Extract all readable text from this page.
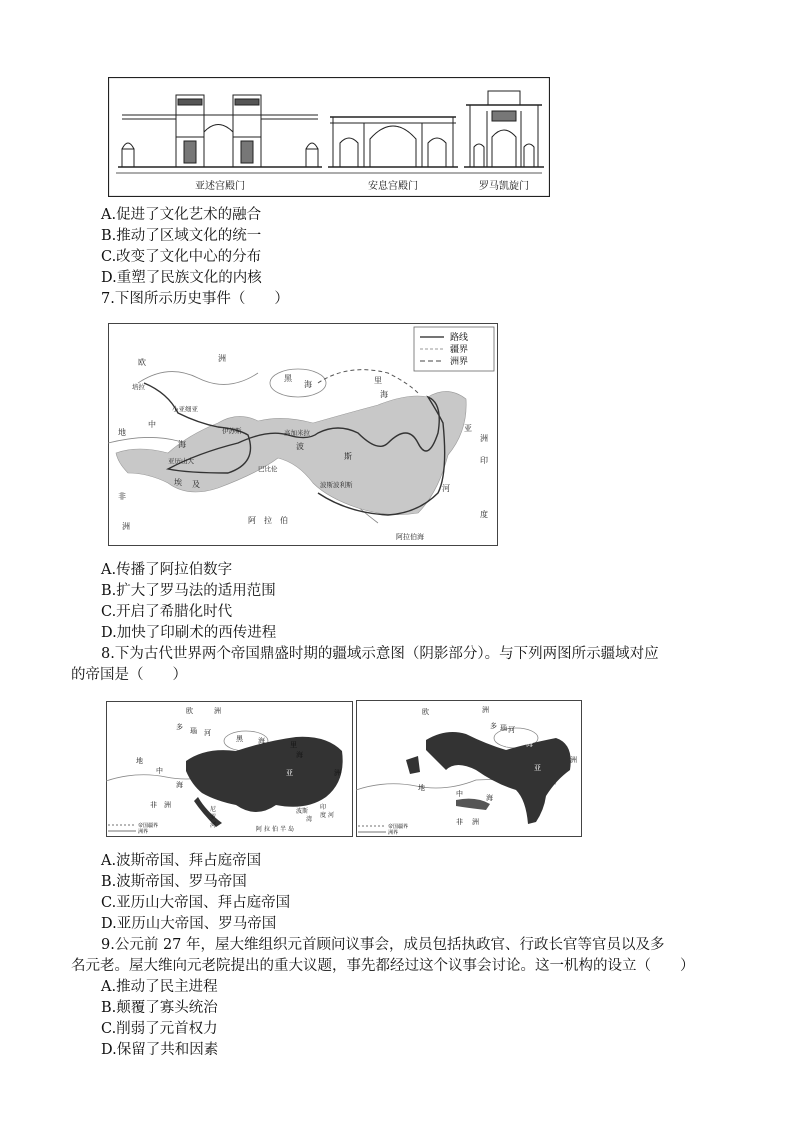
亚述宫殿门	安息宫殿门	罗马凯旋门
A.促进了文化艺术的融合
B.推动了区域文化的统一
C.改变了文化中心的分布
D.重塑了民族文化的内核
7.下图所示历史事件（　　）
路线
疆界
洲界
欧	洲
黑
海	里
海
培拉
小亚细亚
地
中
海
伊苏斯	高加米拉
亚历山大
埃 及
巴比伦
波
斯
波斯波利斯
非
洲
阿 拉 伯
印
度
河
亚
洲
阿拉伯海
A.传播了阿拉伯数字
B.扩大了罗马法的适用范围
C.开启了希腊化时代
D.加快了印刷术的西传进程
8.下为古代世界两个帝国鼎盛时期的疆域示意图（阴影部分）。与下列两图所示疆域对应
的帝国是（　　）
帝国疆界
洲界
欧	洲
多 瑙 河
黑 海	里
海
地
中
海
亚	洲
非 洲
尼
罗
河
印
度 河
阿 拉 伯 半 岛
波斯
湾
帝国疆界
洲界
欧	洲
多 瑙 河
黑 海
地
中	海
亚
洲
非 洲
A.波斯帝国、拜占庭帝国
B.波斯帝国、罗马帝国
C.亚历山大帝国、拜占庭帝国
D.亚历山大帝国、罗马帝国
9.公元前 27 年，屋大维组织元首顾问议事会，成员包括执政官、行政长官等官员以及多
名元老。屋大维向元老院提出的重大议题，事先都经过这个议事会讨论。这一机构的设立（　　）
A.推动了民主进程
B.颠覆了寡头统治
C.削弱了元首权力
D.保留了共和因素
